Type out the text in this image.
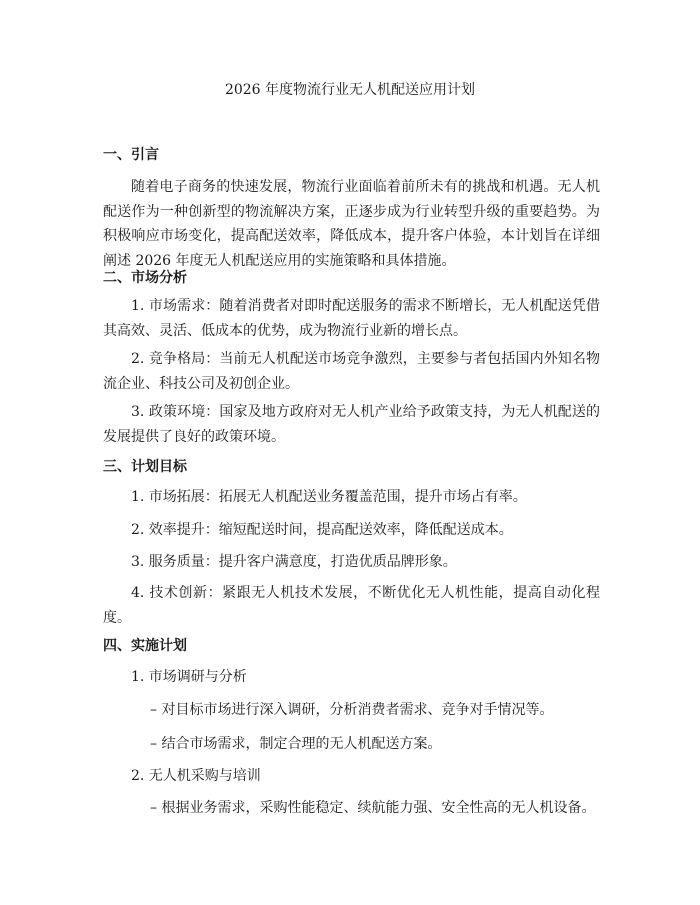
2026 年度物流行业无人机配送应用计划
一、引言

随着电子商务的快速发展，物流行业面临着前所未有的挑战和机遇。无人机配送作为一种创新型的物流解决方案，正逐步成为行业转型升级的重要趋势。为积极响应市场变化，提高配送效率，降低成本，提升客户体验，本计划旨在详细阐述 2026 年度无人机配送应用的实施策略和具体措施。

二、市场分析

1. 市场需求：随着消费者对即时配送服务的需求不断增长，无人机配送凭借其高效、灵活、低成本的优势，成为物流行业新的增长点。

2. 竞争格局：当前无人机配送市场竞争激烈，主要参与者包括国内外知名物流企业、科技公司及初创企业。

3. 政策环境：国家及地方政府对无人机产业给予政策支持，为无人机配送的发展提供了良好的政策环境。

三、计划目标

1. 市场拓展：拓展无人机配送业务覆盖范围，提升市场占有率。

2. 效率提升：缩短配送时间，提高配送效率，降低配送成本。

3. 服务质量：提升客户满意度，打造优质品牌形象。

4. 技术创新：紧跟无人机技术发展，不断优化无人机性能，提高自动化程度。

四、实施计划
1. 市场调研与分析
– 对目标市场进行深入调研，分析消费者需求、竞争对手情况等。
– 结合市场需求，制定合理的无人机配送方案。
2. 无人机采购与培训
– 根据业务需求，采购性能稳定、续航能力强、安全性高的无人机设备。
